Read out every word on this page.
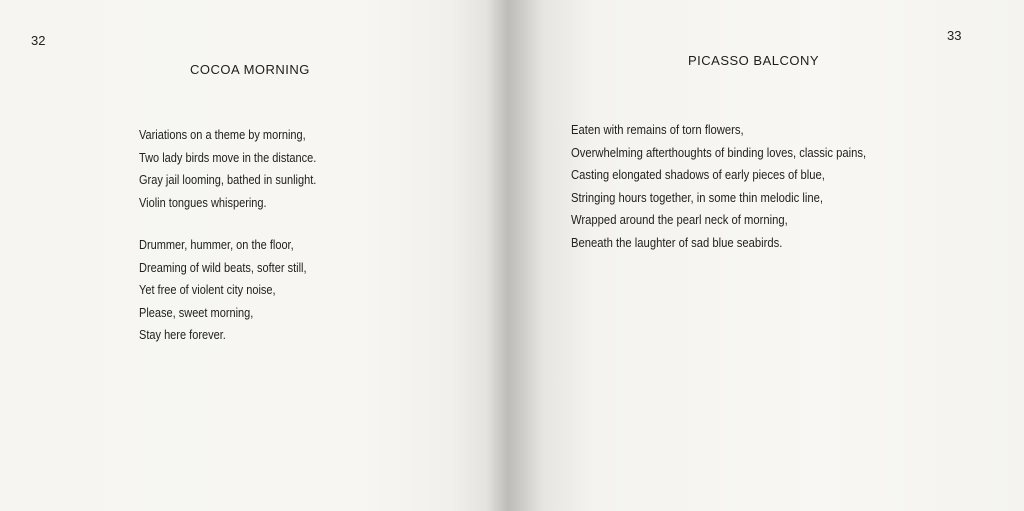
32
COCOA MORNING
Variations on a theme by morning,
Two lady birds move in the distance.
Gray jail looming, bathed in sunlight.
Violin tongues whispering.
Drummer, hummer, on the floor,
Dreaming of wild beats, softer still,
Yet free of violent city noise,
Please, sweet morning,
Stay here forever.
33
PICASSO BALCONY
Eaten with remains of torn flowers,
Overwhelming afterthoughts of binding loves, classic pains,
Casting elongated shadows of early pieces of blue,
Stringing hours together, in some thin melodic line,
Wrapped around the pearl neck of morning,
Beneath the laughter of sad blue seabirds.
